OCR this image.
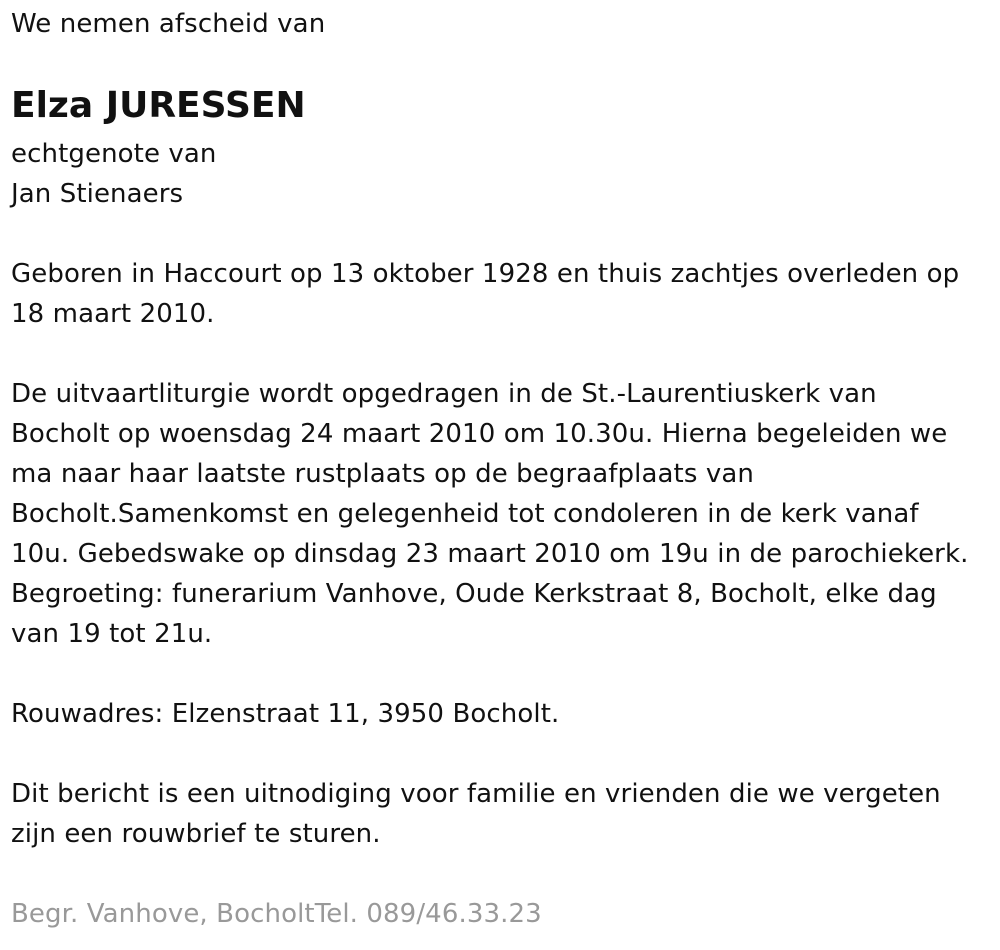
We nemen afscheid van
Elza JURESSEN
echtgenote van
Jan Stienaers
Geboren in Haccourt op 13 oktober 1928 en thuis zachtjes overleden op
18 maart 2010.
De uitvaartliturgie wordt opgedragen in de St.-Laurentiuskerk van
Bocholt op woensdag 24 maart 2010 om 10.30u. Hierna begeleiden we
ma naar haar laatste rustplaats op de begraafplaats van
Bocholt.Samenkomst en gelegenheid tot condoleren in de kerk vanaf
10u. Gebedswake op dinsdag 23 maart 2010 om 19u in de parochiekerk.
Begroeting: funerarium Vanhove, Oude Kerkstraat 8, Bocholt, elke dag
van 19 tot 21u.
Rouwadres: Elzenstraat 11, 3950 Bocholt.
Dit bericht is een uitnodiging voor familie en vrienden die we vergeten
zijn een rouwbrief te sturen.
Begr. Vanhove, BocholtTel. 089/46.33.23
